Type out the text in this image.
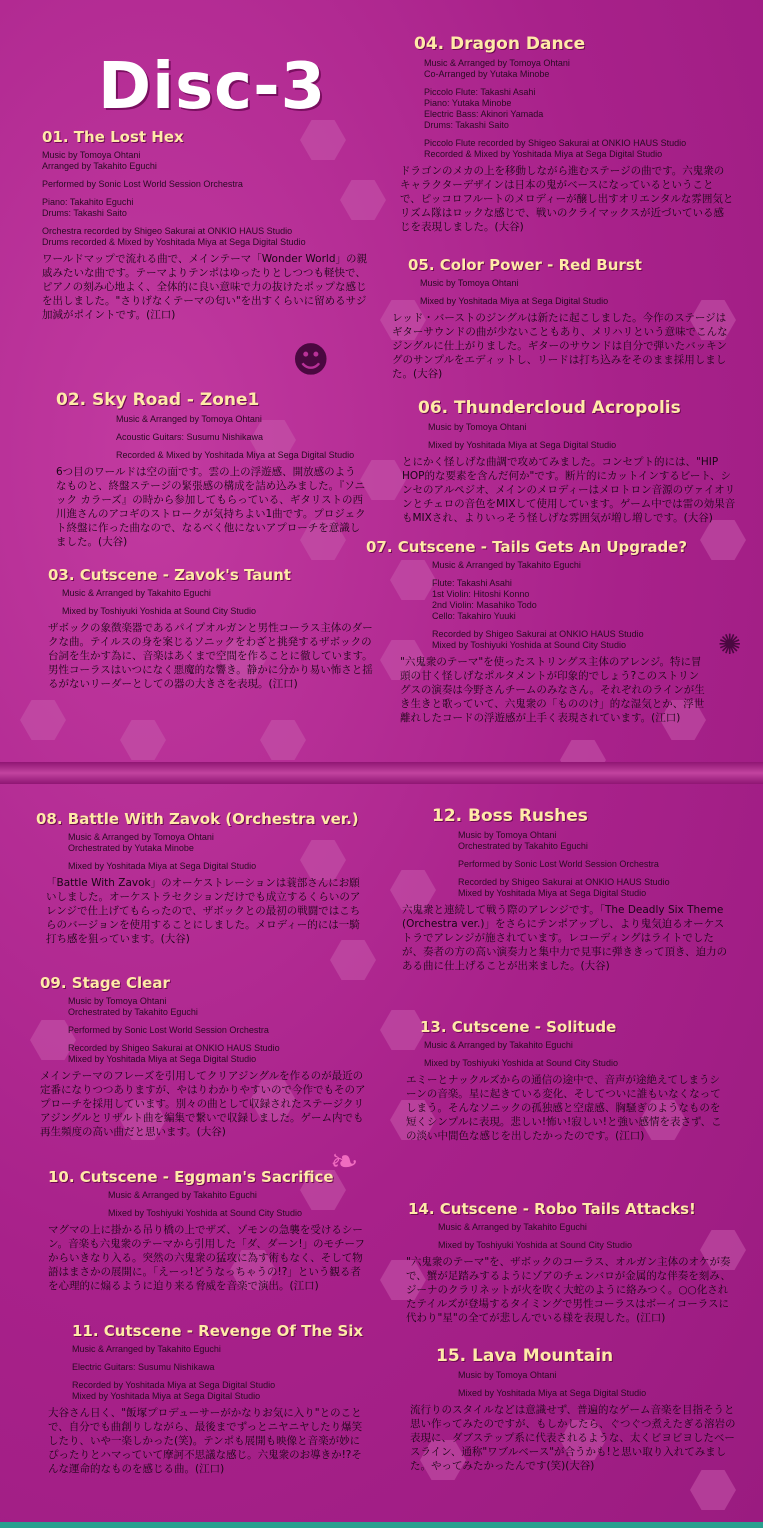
Disc-3
☻
✺
❧
01. The Lost Hex
Music by Tomoya Ohtani
Arranged by Takahito Eguchi
Performed by Sonic Lost World Session Orchestra
Piano: Takahito Eguchi
Drums: Takashi Saito
Orchestra recorded by Shigeo Sakurai at ONKIO HAUS Studio
Drums recorded & Mixed by Yoshitada Miya at Sega Digital Studio
ワールドマップで流れる曲で、メインテーマ「Wonder World」の親戚みたいな曲です。テーマよりテンポはゆったりとしつつも軽快で、ピアノの刻み心地よく、全体的に良い意味で力の抜けたポップな感じを出しました。"さりげなくテーマの匂い"を出すくらいに留めるサジ加減がポイントです。(江口)
02. Sky Road - Zone1
Music & Arranged by Tomoya Ohtani
Acoustic Guitars: Susumu Nishikawa
Recorded & Mixed by Yoshitada Miya at Sega Digital Studio
6つ目のワールドは空の面です。雲の上の浮遊感、開放感のようなものと、終盤ステージの緊張感の構成を詰め込みました。『ソニック カラーズ』の時から参加してもらっている、ギタリストの西川進さんのアコギのストロークが気持ちよい1曲です。プロジェクト終盤に作った曲なので、なるべく他にないアプローチを意識しました。(大谷)
03. Cutscene - Zavok's Taunt
Music & Arranged by Takahito Eguchi
Mixed by Toshiyuki Yoshida at Sound City Studio
ザボックの象徴楽器であるパイプオルガンと男性コーラス主体のダークな曲。テイルスの身を案じるソニックをわざと挑発するザボックの台詞を生かす為に、音楽はあくまで空間を作ることに徹しています。男性コーラスはいつになく悪魔的な響き。静かに分かり易い怖さと揺るがないリーダーとしての器の大きさを表現。(江口)
04. Dragon Dance
Music & Arranged by Tomoya Ohtani
Co-Arranged by Yutaka Minobe
Piccolo Flute: Takashi Asahi
Piano: Yutaka Minobe
Electric Bass: Akinori Yamada
Drums: Takashi Saito
Piccolo Flute recorded by Shigeo Sakurai at ONKIO HAUS Studio
Recorded & Mixed by Yoshitada Miya at Sega Digital Studio
ドラゴンのメカの上を移動しながら進むステージの曲です。六鬼衆のキャラクターデザインは日本の鬼がベースになっているということで、ピッコロフルートのメロディーが醸し出すオリエンタルな雰囲気とリズム隊はロックな感じで、戦いのクライマックスが近づいている感じを表現しました。(大谷)
05. Color Power - Red Burst
Music by Tomoya Ohtani
Mixed by Yoshitada Miya at Sega Digital Studio
レッド・バーストのジングルは新たに起こしました。今作のステージはギターサウンドの曲が少ないこともあり、メリハリという意味でこんなジングルに仕上がりました。ギターのサウンドは自分で弾いたバッキングのサンプルをエディットし、リードは打ち込みをそのまま採用しました。(大谷)
06. Thundercloud Acropolis
Music by Tomoya Ohtani
Mixed by Yoshitada Miya at Sega Digital Studio
とにかく怪しげな曲調で攻めてみました。コンセプト的には、"HIP HOP的な要素を含んだ何か"です。断片的にカットインするビート、シンセのアルペジオ、メインのメロディーはメロトロン音源のヴァイオリンとチェロの音色をMIXして使用しています。ゲーム中では雷の効果音もMIXされ、よりいっそう怪しげな雰囲気が増し増しです。(大谷)
07. Cutscene - Tails Gets An Upgrade?
Music & Arranged by Takahito Eguchi
Flute: Takashi Asahi
1st Violin: Hitoshi Konno
2nd Violin: Masahiko Todo
Cello: Takahiro Yuuki
Recorded by Shigeo Sakurai at ONKIO HAUS Studio
Mixed by Toshiyuki Yoshida at Sound City Studio
"六鬼衆のテーマ"を使ったストリングス主体のアレンジ。特に冒頭の甘く怪しげなポルタメントが印象的でしょう?このストリングスの演奏は今野さんチームのみなさん。それぞれのラインが生き生きと歌っていて、六鬼衆の「もののけ」的な湿気とか、浮世離れしたコードの浮遊感が上手く表現されています。(江口)
08. Battle With Zavok (Orchestra ver.)
Music & Arranged by Tomoya Ohtani
Orchestrated by Yutaka Minobe
Mixed by Yoshitada Miya at Sega Digital Studio
「Battle With Zavok」のオーケストレーションは蓑部さんにお願いしました。オーケストラセクションだけでも成立するくらいのアレンジで仕上げてもらったので、ザボックとの最初の戦闘ではこちらのバージョンを使用することにしました。メロディー的には一騎打ち感を狙っています。(大谷)
09. Stage Clear
Music by Tomoya Ohtani
Orchestrated by Takahito Eguchi
Performed by Sonic Lost World Session Orchestra
Recorded by Shigeo Sakurai at ONKIO HAUS Studio
Mixed by Yoshitada Miya at Sega Digital Studio
メインテーマのフレーズを引用してクリアジングルを作るのが最近の定番になりつつありますが、やはりわかりやすいので今作でもそのアプローチを採用しています。別々の曲として収録されたステージクリアジングルとリザルト曲を編集で繋いで収録しました。ゲーム内でも再生頻度の高い曲だと思います。(大谷)
10. Cutscene - Eggman's Sacrifice
Music & Arranged by Takahito Eguchi
Mixed by Toshiyuki Yoshida at Sound City Studio
マグマの上に掛かる吊り橋の上でザズ、ゾモンの急襲を受けるシーン。音楽も六鬼衆のテーマから引用した「ダ、ダーン!」のモチーフからいきなり入る。突然の六鬼衆の猛攻に為す術もなく、そして物語はまさかの展開に。「えーっ!どうなっちゃうの!?」という観る者を心理的に煽るように迫り来る脅威を音楽で演出。(江口)
11. Cutscene - Revenge Of The Six
Music & Arranged by Takahito Eguchi
Electric Guitars: Susumu Nishikawa
Recorded by Yoshitada Miya at Sega Digital Studio
Mixed by Yoshitada Miya at Sega Digital Studio
大谷さん日く、"飯塚プロデューサーがかなりお気に入り"とのことで、自分でも曲創りしながら、最後までずっとニヤニヤしたり爆笑したり、いや一楽しかった(笑)。テンポも展開も映像と音楽が妙にぴったりとハマっていて摩訶不思議な感じ。六鬼衆のお導きか!?そんな運命的なものを感じる曲。(江口)
12. Boss Rushes
Music by Tomoya Ohtani
Orchestrated by Takahito Eguchi
Performed by Sonic Lost World Session Orchestra
Recorded by Shigeo Sakurai at ONKIO HAUS Studio
Mixed by Yoshitada Miya at Sega Digital Studio
六鬼衆と連続して戦う際のアレンジです。「The Deadly Six Theme (Orchestra ver.)」をさらにテンポアップし、より鬼気迫るオーケストラでアレンジが施されています。レコーディングはライトでしたが、奏者の方の高い演奏力と集中力で見事に弾ききって頂き、迫力のある曲に仕上げることが出来ました。(大谷)
13. Cutscene - Solitude
Music & Arranged by Takahito Eguchi
Mixed by Toshiyuki Yoshida at Sound City Studio
エミーとナックルズからの通信の途中で、音声が途絶えてしまうシーンの音楽。星に起きている変化、そしてついに誰もいなくなってしまう。そんなソニックの孤独感と空虚感、胸騒ぎのようなものを短くシンプルに表現。悲しい!怖い!寂しい!と強い感情を表さず、この淡い中間色な感じを出したかったのです。(江口)
14. Cutscene - Robo Tails Attacks!
Music & Arranged by Takahito Eguchi
Mixed by Toshiyuki Yoshida at Sound City Studio
"六鬼衆のテーマ"を、ザボックのコーラス、オルガン主体のオケが奏で、蟹が足踏みするようにゾアのチェンバロが金属的な伴奏を刻み、ジーナのクラリネットが火を吹く大蛇のように絡みつく。○○化されたテイルズが登場するタイミングで男性コーラスはボーイコーラスに代わり"星"の全てが悲しんでいる様を表現した。(江口)
15. Lava Mountain
Music by Tomoya Ohtani
Mixed by Yoshitada Miya at Sega Digital Studio
流行りのスタイルなどは意識せず、普遍的なゲーム音楽を目指そうと思い作ってみたのですが、もしかしたら、ぐつぐつ煮えたぎる溶岩の表現に、ダブステップ系に代表されるような、太くビヨビヨしたベースライン、通称"ワブルベース"が合うかも!と思い取り入れてみました。やってみたかったんです(笑)(大谷)
